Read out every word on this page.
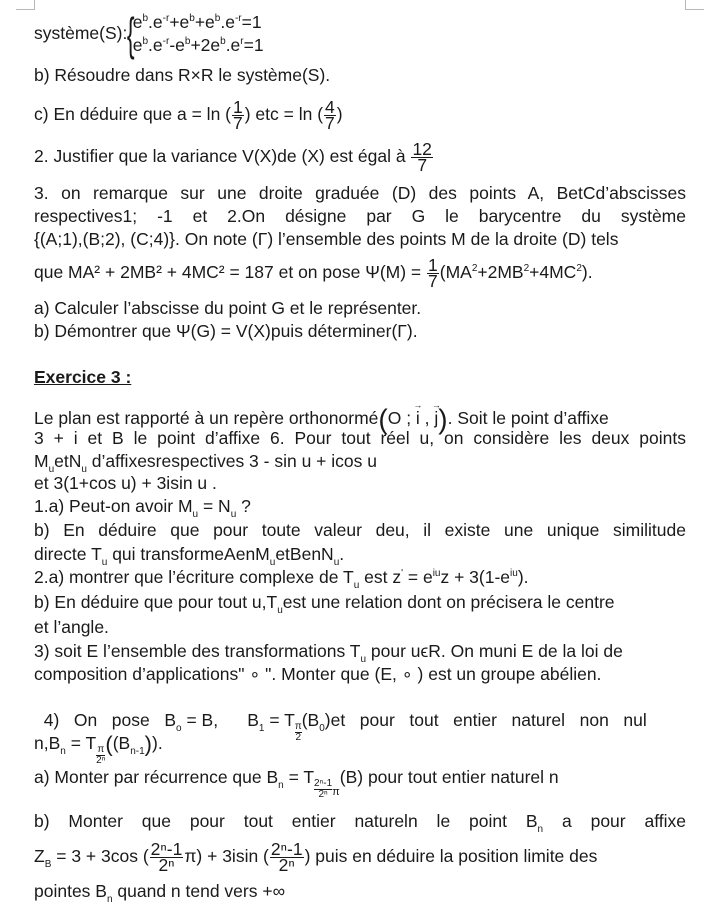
système(S):{
$e^b.e^{-r}+e^b+e^b.e^{-r}=1$
$e^b.e^{-r}-e^b+2e^b.e^r=1$
b) Résoudre dans R×R le système(S).
c) En déduire que a = ln ( $\frac{1}{7}$ ) etc = ln ( $\frac{4}{7}$ )
2. Justifier que la variance V(X)de (X) est égal à $\frac{12}{7}$
3. on remarque sur une droite graduée (D) des points A, BetCd’abscisses
respectives1; -1 et 2.On désigne par G le barycentre du système
{(A;1),(B;2), (C;4)}. On note (Γ) l’ensemble des points M de la droite (D) tels
que MA² + 2MB² + 4MC² = 187 et on pose $\Psi(M) = \frac{1}{7} (MA^2+2MB^2+4MC^2)$.
a) Calculer l’abscisse du point G et le représenter.
b) Démontrer que Ψ(G) = V(X)puis déterminer(Γ).
Exercice 3 :
Le plan est rapporté à un repère orthonormé(O ; → i , → j). Soit le point d’affixe
3 + i et B le point d’affixe 6. Pour tout réel u, on considère les deux points
$M_uetN_u$ d’affixesrespectives 3 - sin u + icos u
et 3(1+cos u) + 3isin u .
1.a) Peut-on avoir $M_u = N_u$ ?
b) En déduire que pour toute valeur deu, il existe une unique similitude
directe $T_u$ qui transformeAenM$_u$etBenN$_u$.
2.a) montrer que l’écriture complexe de $T_u$ est $z' = e^{iu}z + 3(1-e^{iu})$.
b) En déduire que pour tout $u,T_uest$ une relation dont on précisera le centre
et l’angle.
3) soit E l’ensemble des transformations $T_u$ pour uϵR. On muni E de la loi de
composition d’applications" ∘ ". Monter que (E, ∘ ) est un groupe abélien.

4)   On   pose   $B_o = B$,      $B_1 = T$
$\frac{\pi}{2}(B_0)et$   pour   tout   entier   naturel   non   nul

$n,B_n = T$
$\frac{\pi}{\text{2ⁿ}}((B_{n-1}))$.
a) Monter par récurrence que $B_n = T$
$\frac{\text{2ⁿ-1}}{\text{2ⁿ}}_\pi(B)$ pour tout entier naturel n
b) Monter que pour tout entier natureln le point $B_n$ a pour affixe
$Z_B = 3 + 3\cos$ ( $\frac{\text{2ⁿ-1}}{\text{2ⁿ}} \pi) + 3isin$ ( $\frac{\text{2ⁿ-1}}{\text{2ⁿ}}$ ) puis en déduire la position limite des
pointes $B_n$ quand n tend vers +∞
